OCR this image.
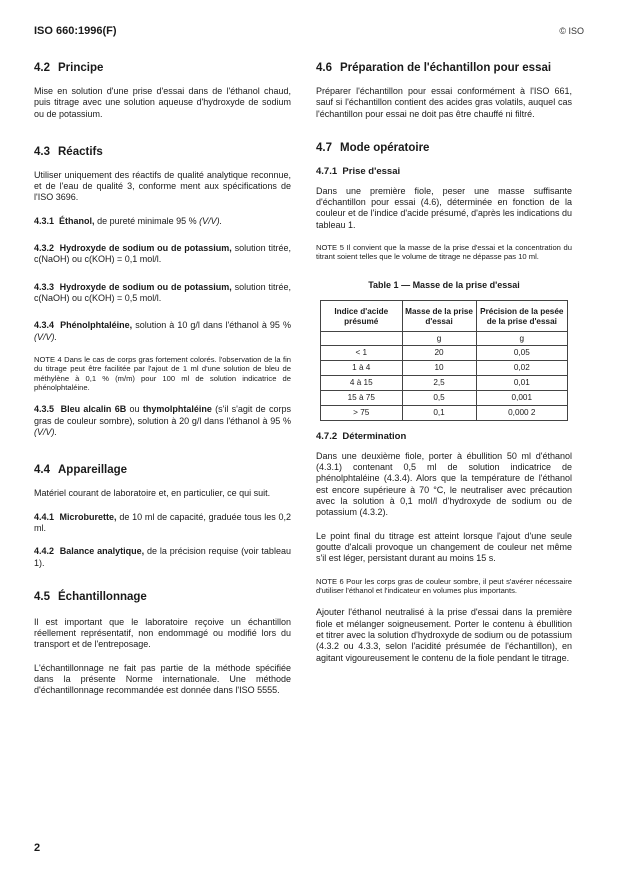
ISO 660:1996(F)	© ISO
4.2 Principe

Mise en solution d'une prise d'essai dans de l'éthanol chaud, puis titrage avec une solution aqueuse d'hydroxyde de sodium ou de potassium.

4.3 Réactifs

Utiliser uniquement des réactifs de qualité analytique reconnue, et de l'eau de qualité 3, conforme ment aux spécifications de l'ISO 3696.

4.3.1 Éthanol, de pureté minimale 95 % (V/V).

4.3.2 Hydroxyde de sodium ou de potassium, solution titrée, c(NaOH) ou c(KOH) = 0,1 mol/l.

4.3.3 Hydroxyde de sodium ou de potassium, solution titrée, c(NaOH) ou c(KOH) = 0,5 mol/l.

4.3.4 Phénolphtaléine, solution à 10 g/l dans l'éthanol à 95 % (V/V).

NOTE 4 Dans le cas de corps gras fortement colorés. l'observation de la fin du titrage peut être facilitée par l'ajout de 1 ml d'une solution de bleu de méthylène à 0,1 % (m/m) pour 100 ml de solution indicatrice de phénolphtaléine.

4.3.5 Bleu alcalin 6B ou thymolphtaléine (s'il s'agit de corps gras de couleur sombre), solution à 20 g/l dans l'éthanol à 95 % (V/V).

4.4 Appareillage

Matériel courant de laboratoire et, en particulier, ce qui suit.

4.4.1 Microburette, de 10 ml de capacité, graduée tous les 0,2 ml.

4.4.2 Balance analytique, de la précision requise (voir tableau 1).

4.5 Échantillonnage

Il est important que le laboratoire reçoive un échantillon réellement représentatif, non endommagé ou modifié lors du transport et de l'entreposage.

L'échantillonnage ne fait pas partie de la méthode spécifiée dans la présente Norme internationale. Une méthode d'échantillonnage recommandée est donnée dans l'ISO 5555.

4.6 Préparation de l'échantillon pour essai

Préparer l'échantillon pour essai conformément à l'ISO 661, sauf si l'échantillon contient des acides gras volatils, auquel cas l'échantillon pour essai ne doit pas être chauffé ni filtré.

4.7 Mode opératoire
4.7.1 Prise d'essai

Dans une première fiole, peser une masse suffisante d'échantillon pour essai (4.6), déterminée en fonction de la couleur et de l'indice d'acide présumé, d'après les indications du tableau 1.

NOTE 5 Il convient que la masse de la prise d'essai et la concentration du titrant soient telles que le volume de titrage ne dépasse pas 10 ml.
Table 1 — Masse de la prise d'essai
Indice d'acide présumé	Masse de la prise d'essai	Précision de la pesée de la prise d'essai
	g	g
< 1	20	0,05
1 à 4	10	0,02
4 à 15	2,5	0,01
15 à 75	0,5	0,001
> 75	0,1	0,000 2
4.7.2 Détermination

Dans une deuxième fiole, porter à ébullition 50 ml d'éthanol (4.3.1) contenant 0,5 ml de solution indicatrice de phénolphtaléine (4.3.4). Alors que la température de l'éthanol est encore supérieure à 70 °C, le neutraliser avec précaution avec la solution à 0,1 mol/l d'hydroxyde de sodium ou de potassium (4.3.2).

Le point final du titrage est atteint lorsque l'ajout d'une seule goutte d'alcali provoque un changement de couleur net même s'il est léger, persistant durant au moins 15 s.

NOTE 6 Pour les corps gras de couleur sombre, il peut s'avérer nécessaire d'utiliser l'éthanol et l'indicateur en volumes plus importants.

Ajouter l'éthanol neutralisé à la prise d'essai dans la première fiole et mélanger soigneusement. Porter le contenu à ébullition et titrer avec la solution d'hydroxyde de sodium ou de potassium (4.3.2 ou 4.3.3, selon l'acidité présumée de l'échantillon), en agitant vigoureusement le contenu de la fiole pendant le titrage.

2
